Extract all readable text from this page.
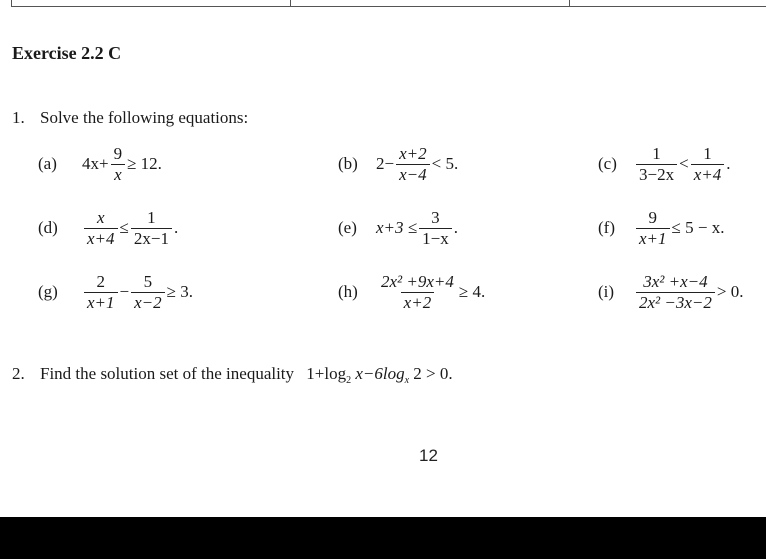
Exercise 2.2 C
1. Solve the following equations:
(a)	$4x+ \frac{9}{x} \ge 12$.	(b)	$2- \frac{x+2}{x-4} < 5$.	(c)	$\frac{1}{3-2x} < \frac{1}{x+4}$ .
(d)	$\frac{x}{x+4} \le \frac{1}{2x-1}$ .	(e)	$x+3 \le \frac{3}{1-x}$ .	(f)	$\frac{9}{x+1} \le 5 - x$.
(g)	$\frac{2}{x+1} - \frac{5}{x-2} \ge 3$.	(h)	$\frac{\text{2x² +9x+4}}{x+2} \ge 4$.	(i)	$\frac{\text{3x² +x−4}}{\text{2x² −3x−2}} > 0$.
2. Find the solution set of the inequality $1+\log_2$ $x-6\log_x$ 2 > 0.
12
